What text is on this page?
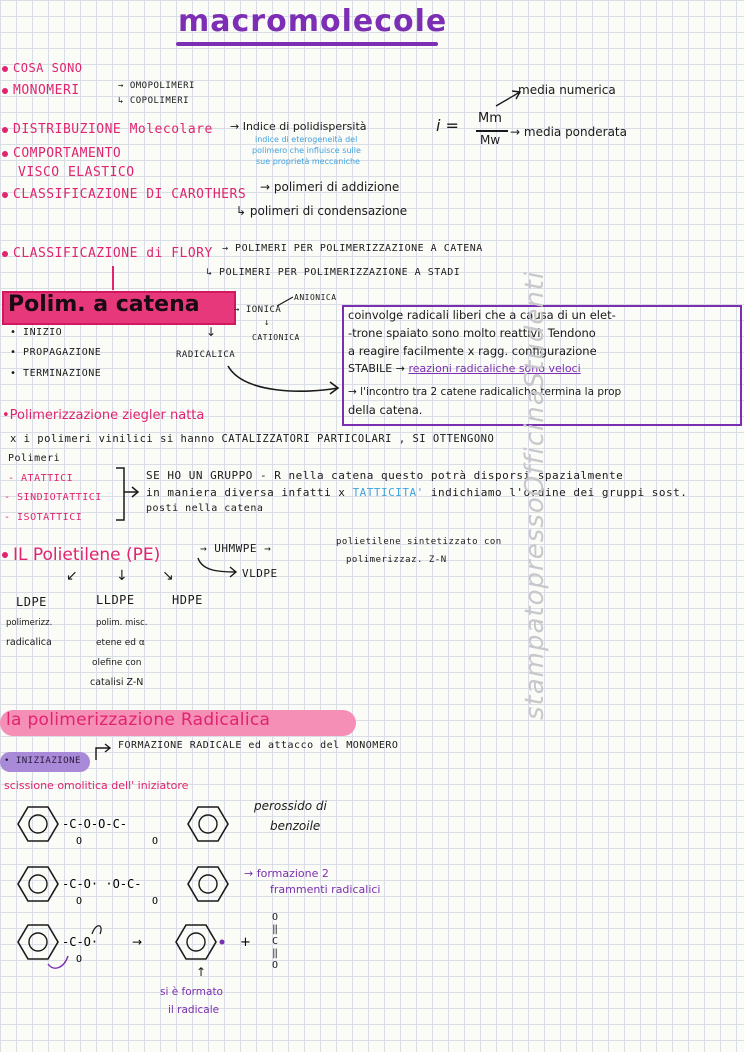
macromolecole
COSA SONO
MONOMERI	→ OMOPOLIMERI
↳ COPOLIMERI
media numerica
DISTRIBUZIONE Molecolare → Indice di polidispersità
indice di eterogeneità del
polimero che influisce sulle
sue proprietà meccaniche
i = Mm
Mw
→ media ponderata
COMPORTAMENTO
VISCO ELASTICO
CLASSIFICAZIONE DI CAROTHERS → polimeri di addizione
↳ polimeri di condensazione
CLASSIFICAZIONE di FLORY → POLIMERI PER POLIMERIZZAZIONE A CATENA
↳ POLIMERI PER POLIMERIZZAZIONE A STADI
Polim. a catena	ANIONICA
→ IONICA
↓
CATIONICA
↓
RADICALICA
• INIZIO
• PROPAGAZIONE
• TERMINAZIONE
coinvolge radicali liberi che a causa di un elet-
-trone spaiato sono molto reattivi. Tendono
a reagire facilmente x ragg. configurazione
STABILE → reazioni radicaliche sono veloci
→ l'incontro tra 2 catene radicaliche termina la prop
della catena.
•Polimerizzazione ziegler natta
x i polimeri vinilici si hanno CATALIZZATORI PARTICOLARI , SI OTTENGONO
Polimeri
- ATATTICI
- SINDIOTATTICI
- ISOTATTICI
SE HO UN GRUPPO - R nella catena questo potrà disporsi spazialmente
in maniera diversa infatti x TATTICITA' indichiamo l'ordine dei gruppi sost.
posti nella catena
IL Polietilene (PE)	→ UHMWPE →	polietilene sintetizzato con
polimerizzaz. Z-N
VLDPE
↙	↓ ↘
LDPE	LLDPE	HDPE
polimerizz.
radicalica
polim. misc.
etene ed α
olefine con
catalisi Z-N
la polimerizzazione Radicalica
• INIZIAZIONE
FORMAZIONE RADICALE ed attacco del MONOMERO
scissione omolitica dell' iniziatore
-C-O-O-C-
O	O
perossido di
benzoile
-C-O· ·O-C-
O	O
→ formazione 2
frammenti radicalici
-C-O·
O
→	+
O
‖
C
‖
O
↑
si è formato
il radicale
stampatopressoOfficinaStudenti
